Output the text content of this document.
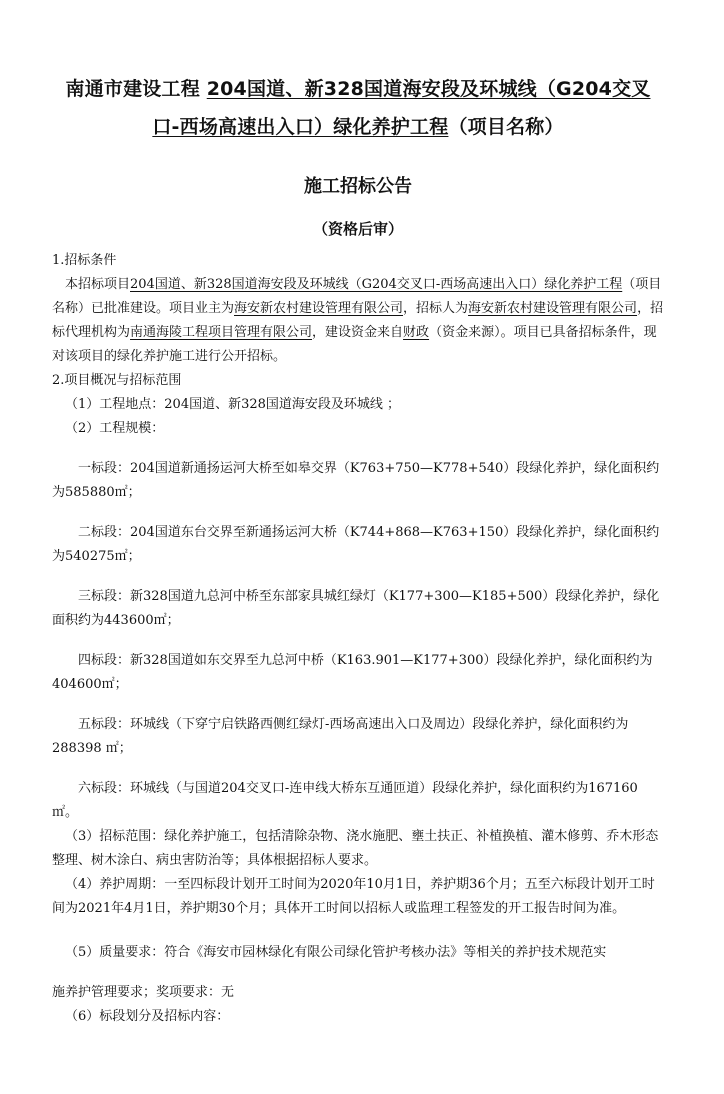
南通市建设工程 204国道、新328国道海安段及环城线（G204交叉口-西场高速出入口）绿化养护工程（项目名称）
施工招标公告
（资格后审）

1.招标条件

本招标项目204国道、新328国道海安段及环城线（G204交叉口-西场高速出入口）绿化养护工程（项目名称）已批准建设。项目业主为海安新农村建设管理有限公司，招标人为海安新农村建设管理有限公司，招标代理机构为南通海陵工程项目管理有限公司，建设资金来自财政（资金来源）。项目已具备招标条件，现对该项目的绿化养护施工进行公开招标。

2.项目概况与招标范围

（1）工程地点：204国道、新328国道海安段及环城线 ；

（2）工程规模：

一标段：204国道新通扬运河大桥至如皋交界（K763+750—K778+540）段绿化养护，绿化面积约为585880㎡；

二标段：204国道东台交界至新通扬运河大桥（K744+868—K763+150）段绿化养护，绿化面积约为540275㎡；

三标段：新328国道九总河中桥至东部家具城红绿灯（K177+300—K185+500）段绿化养护，绿化面积约为443600㎡；

四标段：新328国道如东交界至九总河中桥（K163.901—K177+300）段绿化养护，绿化面积约为404600㎡；

五标段：环城线（下穿宁启铁路西侧红绿灯-西场高速出入口及周边）段绿化养护，绿化面积约为288398 ㎡；

六标段：环城线（与国道204交叉口-连申线大桥东互通匝道）段绿化养护，绿化面积约为167160 ㎡。

（3）招标范围：绿化养护施工，包括清除杂物、浇水施肥、壅土扶正、补植换植、灌木修剪、乔木形态整理、树木涂白、病虫害防治等；具体根据招标人要求。

（4）养护周期：一至四标段计划开工时间为2020年10月1日，养护期36个月；五至六标段计划开工时间为2021年4月1日，养护期30个月；具体开工时间以招标人或监理工程签发的开工报告时间为准。

（5）质量要求：符合《海安市园林绿化有限公司绿化管护考核办法》等相关的养护技术规范实

施养护管理要求；奖项要求：无

（6）标段划分及招标内容：
